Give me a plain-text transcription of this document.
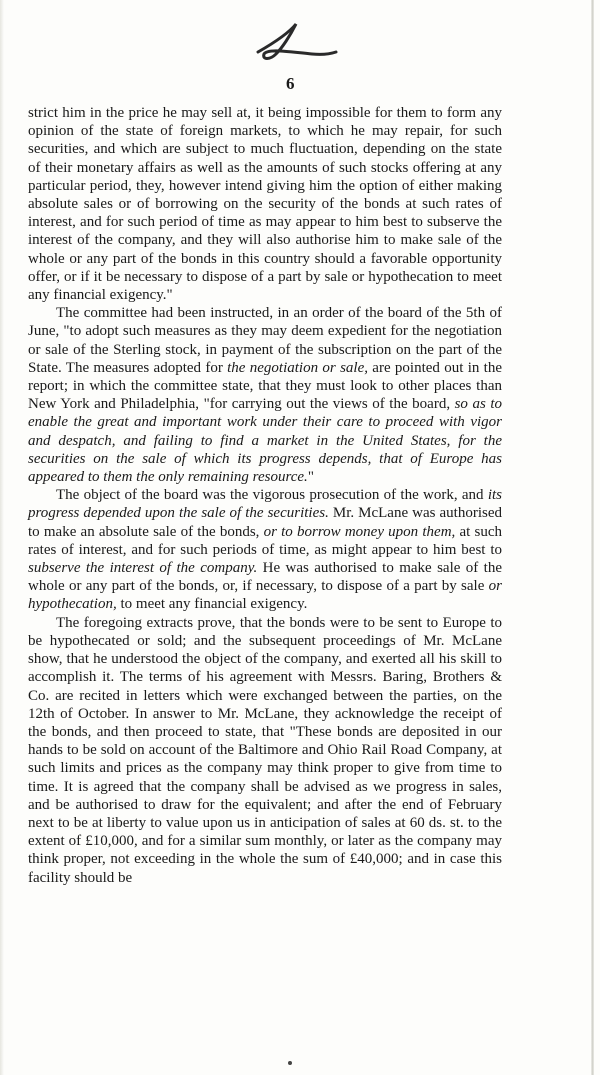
6

strict him in the price he may sell at, it being impossible for them to form any opinion of the state of foreign markets, to which he may repair, for such securities, and which are subject to much fluctuation, depending on the state of their monetary affairs as well as the amounts of such stocks offering at any particular period, they, however intend giving him the option of either making absolute sales or of borrowing on the security of the bonds at such rates of interest, and for such period of time as may appear to him best to subserve the interest of the company, and they will also authorise him to make sale of the whole or any part of the bonds in this country should a favorable opportunity offer, or if it be necessary to dispose of a part by sale or hypothecation to meet any financial exigency."

The committee had been instructed, in an order of the board of the 5th of June, "to adopt such measures as they may deem expedient for the negotiation or sale of the Sterling stock, in payment of the subscription on the part of the State. The measures adopted for the negotiation or sale, are pointed out in the report; in which the committee state, that they must look to other places than New York and Philadelphia, "for carrying out the views of the board, so as to enable the great and important work under their care to proceed with vigor and despatch, and failing to find a market in the United States, for the securities on the sale of which its progress depends, that of Europe has appeared to them the only remaining resource."

The object of the board was the vigorous prosecution of the work, and its progress depended upon the sale of the securities. Mr. McLane was authorised to make an absolute sale of the bonds, or to borrow money upon them, at such rates of interest, and for such periods of time, as might appear to him best to subserve the interest of the company. He was authorised to make sale of the whole or any part of the bonds, or, if necessary, to dispose of a part by sale or hypothecation, to meet any financial exigency.

The foregoing extracts prove, that the bonds were to be sent to Europe to be hypothecated or sold; and the subsequent proceedings of Mr. McLane show, that he understood the object of the company, and exerted all his skill to accomplish it. The terms of his agreement with Messrs. Baring, Brothers & Co. are recited in letters which were exchanged between the parties, on the 12th of October. In answer to Mr. McLane, they acknowledge the receipt of the bonds, and then proceed to state, that "These bonds are deposited in our hands to be sold on account of the Baltimore and Ohio Rail Road Company, at such limits and prices as the company may think proper to give from time to time. It is agreed that the company shall be advised as we progress in sales, and be authorised to draw for the equivalent; and after the end of February next to be at liberty to value upon us in anticipation of sales at 60 ds. st. to the extent of £10,000, and for a similar sum monthly, or later as the company may think proper, not exceeding in the whole the sum of £40,000; and in case this facility should be
